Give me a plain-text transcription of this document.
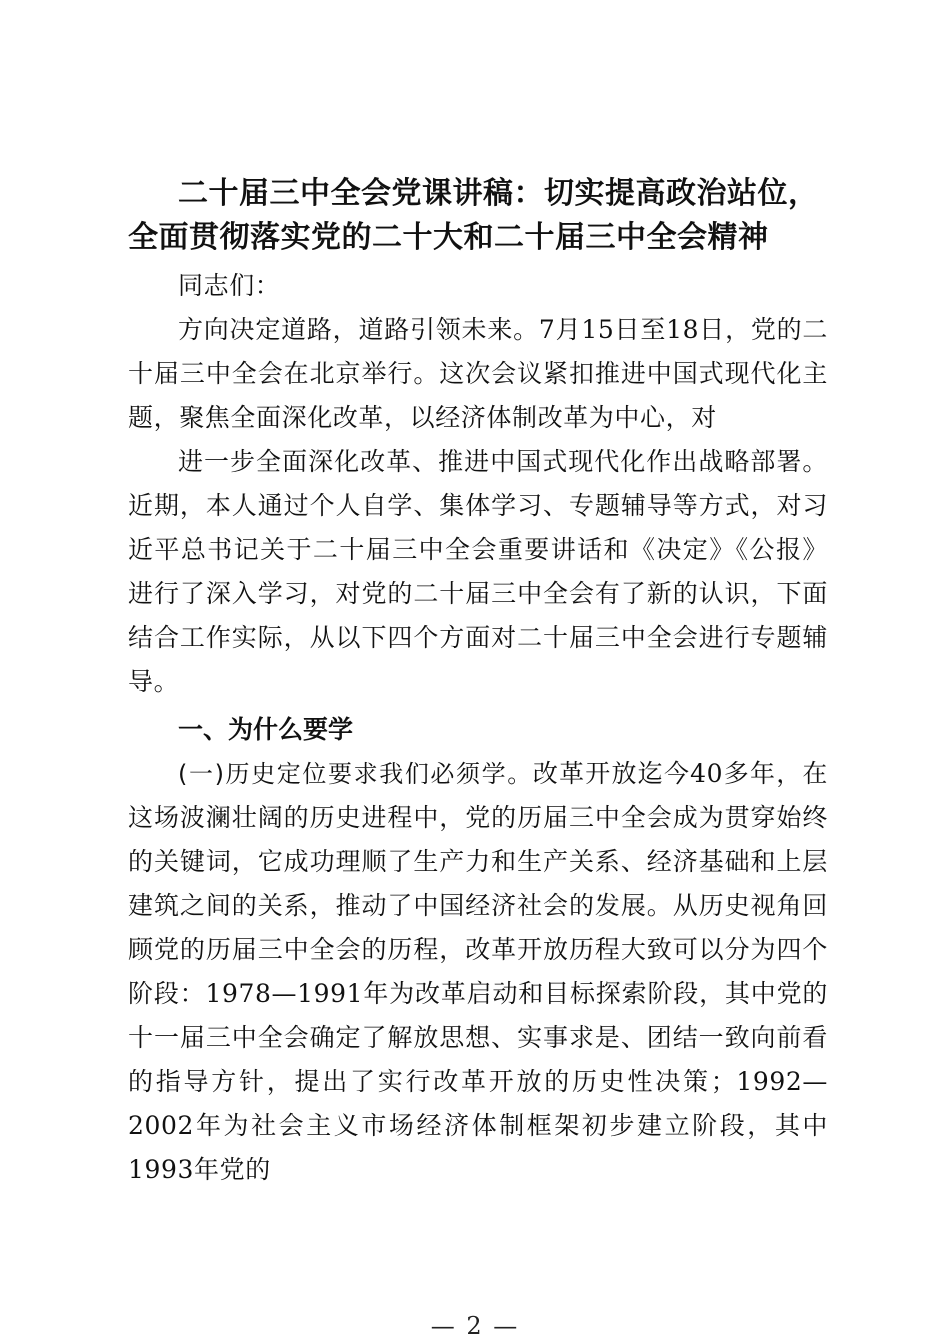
二十届三中全会党课讲稿：切实提高政治站位，全面贯彻落实党的二十大和二十届三中全会精神

同志们：

方向决定道路，道路引领未来。7月15日至18日，党的二十届三中全会在北京举行。这次会议紧扣推进中国式现代化主题，聚焦全面深化改革，以经济体制改革为中心，对

进一步全面深化改革、推进中国式现代化作出战略部署。近期，本人通过个人自学、集体学习、专题辅导等方式，对习近平总书记关于二十届三中全会重要讲话和《决定》《公报》进行了深入学习，对党的二十届三中全会有了新的认识，下面结合工作实际，从以下四个方面对二十届三中全会进行专题辅导。

一、为什么要学

(一)历史定位要求我们必须学。改革开放迄今40多年，在这场波澜壮阔的历史进程中，党的历届三中全会成为贯穿始终的关键词，它成功理顺了生产力和生产关系、经济基础和上层建筑之间的关系，推动了中国经济社会的发展。从历史视角回顾党的历届三中全会的历程，改革开放历程大致可以分为四个阶段：1978—1991年为改革启动和目标探索阶段，其中党的十一届三中全会确定了解放思想、实事求是、团结一致向前看的指导方针，提出了实行改革开放的历史性决策；1992—2002年为社会主义市场经济体制框架初步建立阶段，其中1993年党的

— 2 —
